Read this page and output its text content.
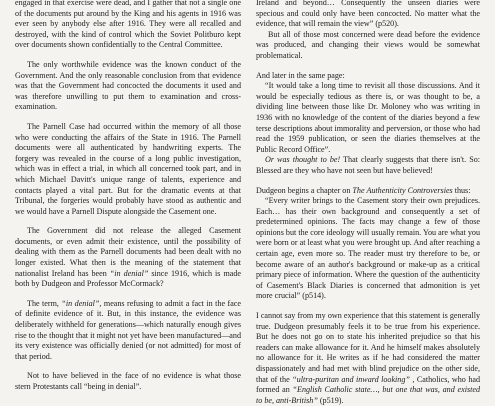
engaged in that exercise were dead, and I gather that not a single one of the documents put around by the King and his agents in 1916 was ever seen by anybody else after 1916. They were all recalled and destroyed, with the kind of control which the Soviet Politburo kept over documents shown confidentially to the Central Committee.

The only worthwhile evidence was the known conduct of the Government. And the only reasonable conclusion from that evidence was that the Government had concocted the documents it used and was therefore unwilling to put them to examination and cross-examination.

The Parnell Case had occurred within the memory of all those who were conducting the affairs of the State in 1916. The Parnell documents were all authenticated by handwriting experts. The forgery was revealed in the course of a long public investigation, which was in effect a trial, in which all concerned took part, and in which Michael Davitt's unique range of talents, experience and contacts played a vital part. But for the dramatic events at that Tribunal, the forgeries would probably have stood as authentic and we would have a Parnell Dispute alongside the Casement one.

The Government did not release the alleged Casement documents, or even admit their existence, until the possibility of dealing with them as the Parnell documents had been dealt with no longer existed. What then is the meaning of the statement that nationalist Ireland has been “in denial” since 1916, which is made both by Dudgeon and Professor McCormack?

The term, “in denial”, means refusing to admit a fact in the face of definite evidence of it. But, in this instance, the evidence was deliberately withheld for generations—which naturally enough gives rise to the thought that it might not yet have been manufactured—and its very existence was officially denied (or not admitted) for most of that period.

Not to have believed in the face of no evidence is what those stern Protestants call “being in denial”.

Ireland and beyond… Consequently the unseen diaries were specious and could only have been concocted. No matter what the evidence, that will remain the view” (p520).

But all of those most concerned were dead before the evidence was produced, and changing their views would be somewhat problematical.

And later in the same page:

“It would take a long time to revisit all those discussions. And it would be especially tedious as there is, or was thought to be, a dividing line between those like Dr. Moloney who was writing in 1936 with no knowledge of the content of the diaries beyond a few terse descriptions about immorality and perversion, or those who had read the 1959 publication, or seen the diaries themselves at the Public Record Office”.

Or was thought to be! That clearly suggests that there isn't. So: Blessed are they who have not seen but have believed!

Dudgeon begins a chapter on The Authenticity Controversies thus:

“Every writer brings to the Casement story their own prejudices. Each… has their own background and consequently a set of predetermined opinions. The facts may change a few of those opinions but the core ideology will usually remain. You are what you were born or at least what you were brought up. And after reaching a certain age, even more so. The reader must try therefore to be, or become aware of an author's background or make-up as a critical primary piece of information. Where the question of the authenticity of Casement's Black Diaries is concerned that admonition is yet more crucial” (p514).

I cannot say from my own experience that this statement is generally true. Dudgeon presumably feels it to be true from his experience. But he does not go on to state his inherited prejudice so that his readers can make allowance for it. And he himself makes absolutely no allowance for it. He writes as if he had considered the matter dispassionately and had met with blind prejudice on the other side, that of the “ultra-puritan and inward looking” , Catholics, who had formed an “English Catholic state…, but one that was, and existed to be, anti-British” (p519).
